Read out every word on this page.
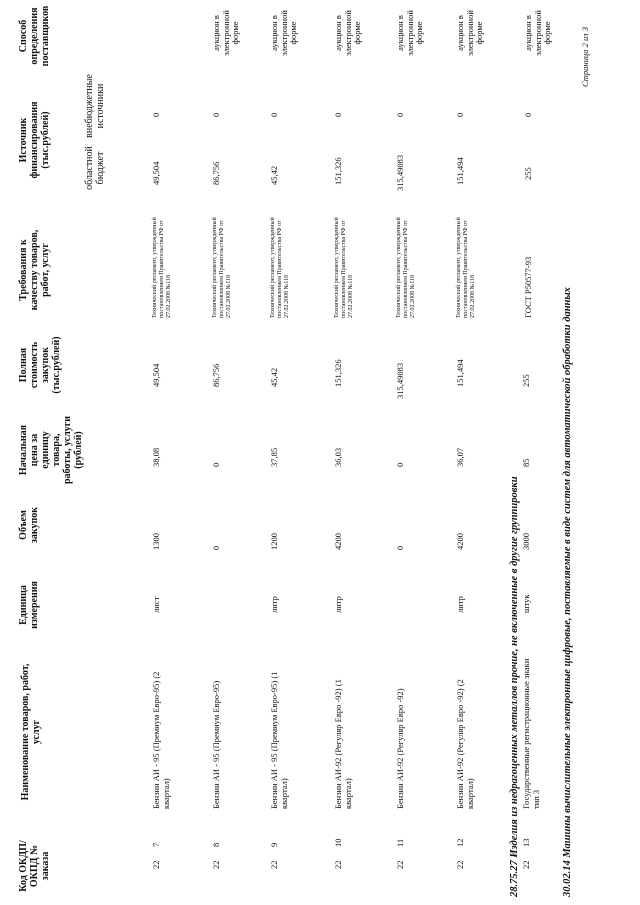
Код ОКДП/ ОКПД № заказа
Наименование товаров, работ, услуг
Единица измерения
Объем закупок
Начальная цена за единицу товара, работы, услуги (рублей)
Полная стоимость закупок (тыс.рублей)
Требования к качеству товаров, работ, услуг
Источник финансирования (тыс.рублей)	областной бюджет
внебюджетные источники
Способ определения поставщиков
22
7
Бензин АИ - 95 (Премиум Евро-95) (2 квартал)
лист
1300
38,08
49,504
Технический регламент, утвержденный постановлением Правительства РФ от 27.02.2008 №118
49,504
0
22
8
Бензин АИ - 95 (Премиум Евро-95)
0
0
86,756
Технический регламент, утвержденный постановлением Правительства РФ от 27.02.2008 №118
86,756
0
аукцион в электронной форме
22
9
Бензин АИ - 95 (Премиум Евро-95) (1 квартал)
литр
1200
37,85
45,42
Технический регламент, утвержденный постановлением Правительства РФ от 27.02.2008 №118
45,42
0
аукцион в электронной форме
22
10
Бензин АИ-92 (Регуляр Евро -92) (1 квартал)
литр
4200
36,03
151,326
Технический регламент, утвержденный постановлением Правительства РФ от 27.02.2008 №118
151,326
0
аукцион в электронной форме
22
11
Бензин АИ-92 (Регуляр Евро -92)
0
0
315,49083
Технический регламент, утвержденный постановлением Правительства РФ от 27.02.2008 №118
315,49083
0
аукцион в электронной форме
22
12
Бензин АИ-92 (Регуляр Евро -92) (2 квартал)
литр
4200
36,07
151,494
Технический регламент, утвержденный постановлением Правительства РФ от 27.02.2008 №118
151,494
0
аукцион в электронной форме
28.75.27 Изделия из недрагоценных металлов прочие, не включенные в другие группировки 22
13
Государственные регистрационные знаки тип 3
штук
3000
85
255
ГОСТ Р50577-93
255
0
аукцион в электронной форме
30.02.14 Машины вычислительные электронные цифровые, поставляемые в виде систем для автоматической обработки данных
Страница 2 из 3
